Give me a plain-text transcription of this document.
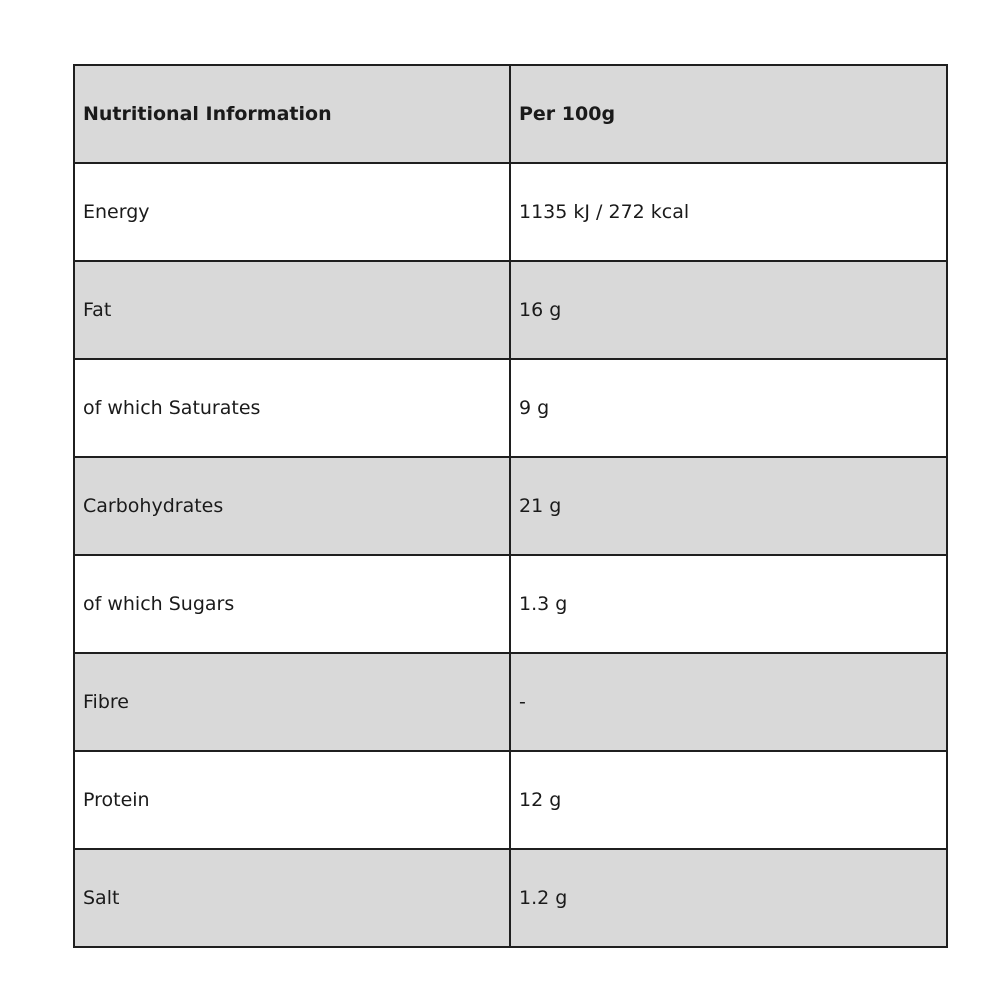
Nutritional Information	Per 100g
Energy	1135 kJ / 272 kcal
Fat	16 g
of which Saturates	9 g
Carbohydrates	21 g
of which Sugars	1.3 g
Fibre	-
Protein	12 g
Salt	1.2 g
